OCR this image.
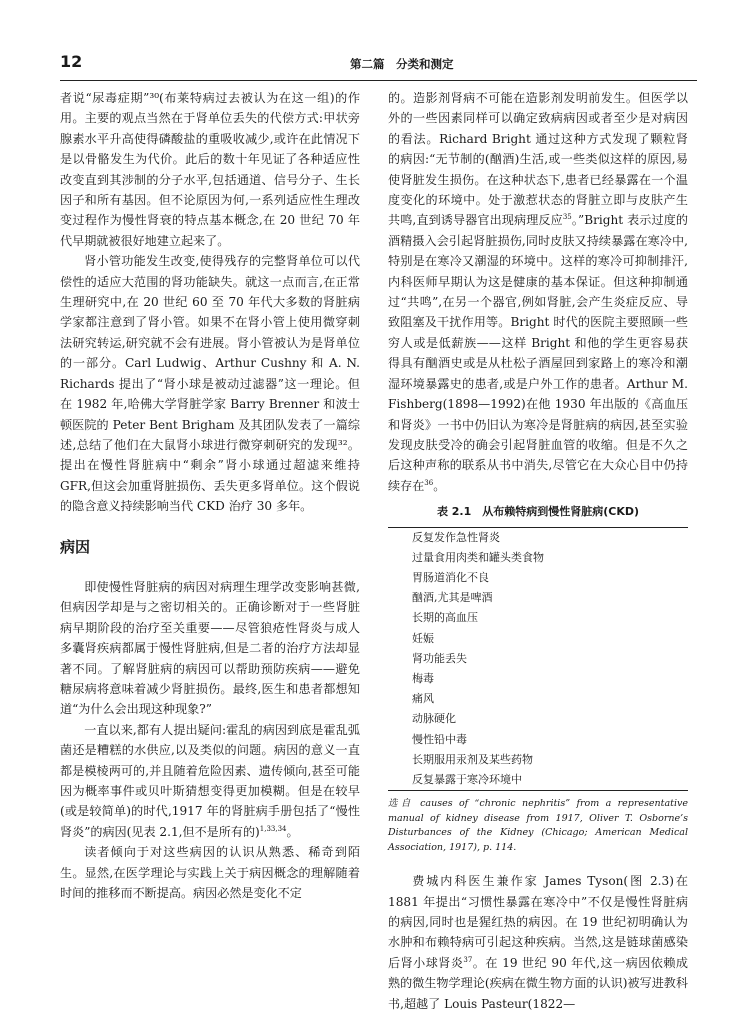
12	第二篇　分类和测定

者说“尿毒症期”³⁰(布莱特病过去被认为在这一组)的作用。主要的观点当然在于肾单位丢失的代偿方式:甲状旁腺素水平升高使得磷酸盐的重吸收减少,或许在此情况下是以骨骼发生为代价。此后的数十年见证了各种适应性改变直到其涉制的分子水平,包括通道、信号分子、生长因子和所有基因。但不论原因为何,一系列适应性生理改变过程作为慢性肾衰的特点基本概念,在 20 世纪 70 年代早期就被很好地建立起来了。

肾小管功能发生改变,使得残存的完整肾单位可以代偿性的适应大范围的肾功能缺失。就这一点而言,在正常生理研究中,在 20 世纪 60 至 70 年代大多数的肾脏病学家都注意到了肾小管。如果不在肾小管上使用微穿刺法研究转运,研究就不会有进展。肾小管被认为是肾单位的一部分。Carl Ludwig、Arthur Cushny 和 A. N. Richards 提出了“肾小球是被动过滤器”这一理论。但在 1982 年,哈佛大学肾脏学家 Barry Brenner 和波士顿医院的 Peter Bent Brigham 及其团队发表了一篇综述,总结了他们在大鼠肾小球进行微穿刺研究的发现³²。提出在慢性肾脏病中“剩余”肾小球通过超滤来维持 GFR,但这会加重肾脏损伤、丢失更多肾单位。这个假说的隐含意义持续影响当代 CKD 治疗 30 多年。

病因

即使慢性肾脏病的病因对病理生理学改变影响甚微,但病因学却是与之密切相关的。正确诊断对于一些肾脏病早期阶段的治疗至关重要——尽管狼疮性肾炎与成人多囊肾疾病都属于慢性肾脏病,但是二者的治疗方法却显著不同。了解肾脏病的病因可以帮助预防疾病——避免糖尿病将意味着减少肾脏损伤。最终,医生和患者都想知道“为什么会出现这种现象?”

一直以来,都有人提出疑问:霍乱的病因到底是霍乱弧菌还是糟糕的水供应,以及类似的问题。病因的意义一直都是模棱两可的,并且随着危险因素、遗传倾向,甚至可能因为概率事件或贝叶斯猜想变得更加模糊。但是在较早(或是较简单)的时代,1917 年的肾脏病手册包括了“慢性肾炎”的病因(见表 2.1,但不是所有的)$^{1,33,34}$。

读者倾向于对这些病因的认识从熟悉、稀奇到陌生。显然,在医学理论与实践上关于病因概念的理解随着时间的推移而不断提高。病因必然是变化不定

的。造影剂肾病不可能在造影剂发明前发生。但医学以外的一些因素同样可以确定致病病因或者至少是对病因的看法。Richard Bright 通过这种方式发现了颗粒肾的病因:“无节制的(酗酒)生活,或一些类似这样的原因,易使肾脏发生损伤。在这种状态下,患者已经暴露在一个温度变化的环境中。处于激惹状态的肾脏立即与皮肤产生共鸣,直到诱导器官出现病理反应$^{35}$。”Bright 表示过度的酒精摄入会引起肾脏损伤,同时皮肤又持续暴露在寒冷中,特别是在寒冷又潮湿的环境中。这样的寒冷可抑制排汗,内科医师早期认为这是健康的基本保证。但这种抑制通过“共鸣”,在另一个器官,例如肾脏,会产生炎症反应、导致阻塞及干扰作用等。Bright 时代的医院主要照顾一些穷人或是低薪族——这样 Bright 和他的学生更容易获得具有酗酒史或是从杜松子酒屋回到家路上的寒冷和潮湿环境暴露史的患者,或是户外工作的患者。Arthur M. Fishberg(1898—1992)在他 1930 年出版的《高血压和肾炎》一书中仍旧认为寒冷是肾脏病的病因,甚至实验发现皮肤受冷的确会引起肾脏血管的收缩。但是不久之后这种声称的联系从书中消失,尽管它在大众心目中仍持续存在$^{36}$。

表 2.1　从布赖特病到慢性肾脏病(CKD)

反复发作急性肾炎
过量食用肉类和罐头类食物
胃肠道消化不良
酗酒,尤其是啤酒
长期的高血压
妊娠
肾功能丢失
梅毒
痛风
动脉硬化
慢性铅中毒
长期服用汞剂及某些药物
反复暴露于寒冷环境中

选自 causes of “chronic nephritis” from a representative manual of kidney disease from 1917, Oliver T. Osborne’s Disturbances of the Kidney (Chicago; American Medical Association, 1917), p. 114.

费城内科医生兼作家 James Tyson(图 2.3)在 1881 年提出“习惯性暴露在寒冷中”不仅是慢性肾脏病的病因,同时也是猩红热的病因。在 19 世纪初明确认为水肿和布赖特病可引起这种疾病。当然,这是链球菌感染后肾小球肾炎$^{37}$。在 19 世纪 90 年代,这一病因依赖成熟的微生物学理论(疾病在微生物方面的认识)被写进教科书,超越了 Louis Pasteur(1822—
